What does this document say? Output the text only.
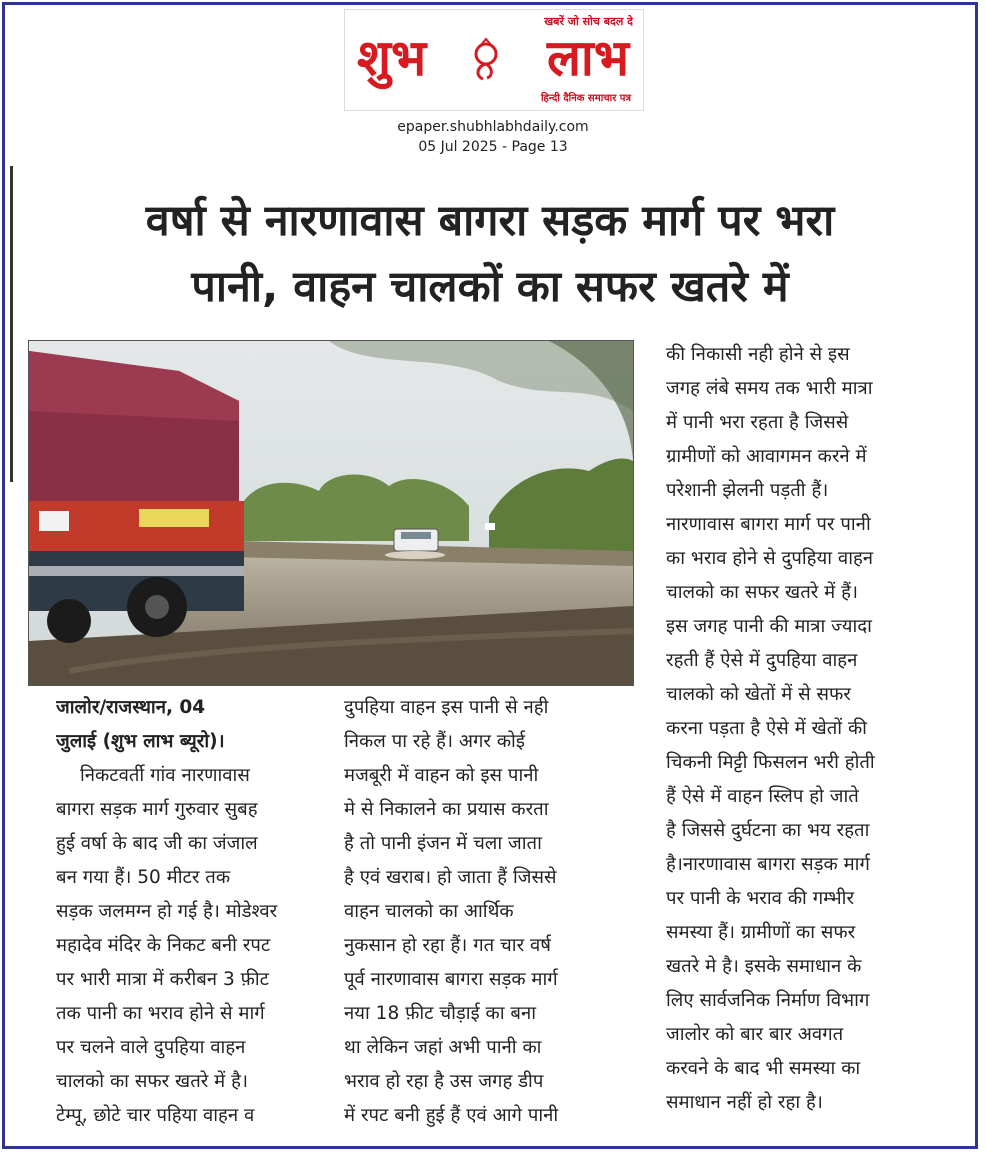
खबरें जो सोच बदल दे
शुभ लाभ
हिन्दी दैनिक समाचार पत्र
epaper.shubhlabhdaily.com
05 Jul 2025 - Page 13
वर्षा से नारणावास बागरा सड़क मार्ग पर भरा
पानी, वाहन चालकों का सफर खतरे में
जालोर/राजस्थान, 04
जुलाई (शुभ लाभ ब्यूरो)।
निकटवर्ती गांव नारणावास
बागरा सड़क मार्ग गुरुवार सुबह
हुई वर्षा के बाद जी का जंजाल
बन गया हैं। 50 मीटर तक
सड़क जलमग्न हो गई है। मोडेश्वर
महादेव मंदिर के निकट बनी रपट
पर भारी मात्रा में करीबन 3 फ़ीट
तक पानी का भराव होने से मार्ग
पर चलने वाले दुपहिया वाहन
चालको का सफर खतरे में है।
टेम्पू, छोटे चार पहिया वाहन व
दुपहिया वाहन इस पानी से नही
निकल पा रहे हैं। अगर कोई
मजबूरी में वाहन को इस पानी
मे से निकालने का प्रयास करता
है तो पानी इंजन में चला जाता
है एवं खराब। हो जाता हैं जिससे
वाहन चालको का आर्थिक
नुकसान हो रहा हैं। गत चार वर्ष
पूर्व नारणावास बागरा सड़क मार्ग
नया 18 फ़ीट चौड़ाई का बना
था लेकिन जहां अभी पानी का
भराव हो रहा है उस जगह डीप
में रपट बनी हुई हैं एवं आगे पानी
की निकासी नही होने से इस
जगह लंबे समय तक भारी मात्रा
में पानी भरा रहता है जिससे
ग्रामीणों को आवागमन करने में
परेशानी झेलनी पड़ती हैं।
नारणावास बागरा मार्ग पर पानी
का भराव होने से दुपहिया वाहन
चालको का सफर खतरे में हैं।
इस जगह पानी की मात्रा ज्यादा
रहती हैं ऐसे में दुपहिया वाहन
चालको को खेतों में से सफर
करना पड़ता है ऐसे में खेतों की
चिकनी मिट्टी फिसलन भरी होती
हैं ऐसे में वाहन स्लिप हो जाते
है जिससे दुर्घटना का भय रहता
है।नारणावास बागरा सड़क मार्ग
पर पानी के भराव की गम्भीर
समस्या हैं। ग्रामीणों का सफर
खतरे मे है। इसके समाधान के
लिए सार्वजनिक निर्माण विभाग
जालोर को बार बार अवगत
करवने के बाद भी समस्या का
समाधान नहीं हो रहा है।
